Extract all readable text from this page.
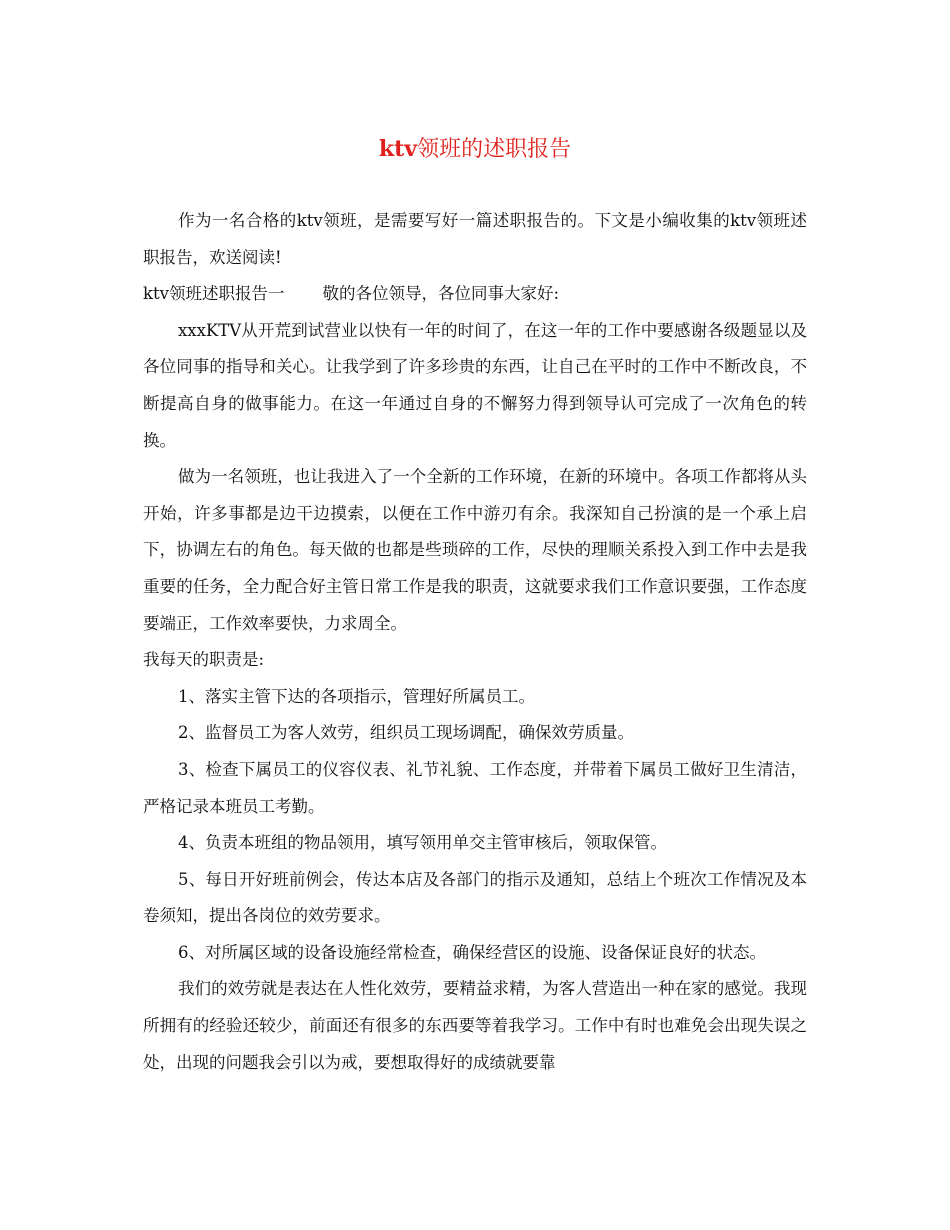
ktv领班的述职报告

作为一名合格的ktv领班，是需要写好一篇述职报告的。下文是小编收集的ktv领班述职报告，欢送阅读!

ktv领班述职报告一 敬的各位领导，各位同事大家好:

xxxKTV从开荒到试营业以快有一年的时间了，在这一年的工作中要感谢各级题显以及各位同事的指导和关心。让我学到了许多珍贵的东西，让自己在平时的工作中不断改良，不断提高自身的做事能力。在这一年通过自身的不懈努力得到领导认可完成了一次角色的转换。

做为一名领班，也让我进入了一个全新的工作环境，在新的环境中。各项工作都将从头开始，许多事都是边干边摸索，以便在工作中游刃有余。我深知自己扮演的是一个承上启下，协调左右的角色。每天做的也都是些琐碎的工作，尽快的理顺关系投入到工作中去是我重要的任务，全力配合好主管日常工作是我的职责，这就要求我们工作意识要强，工作态度要端正，工作效率要快，力求周全。

我每天的职责是:

1、落实主管下达的各项指示，管理好所属员工。

2、监督员工为客人效劳，组织员工现场调配，确保效劳质量。

3、检查下属员工的仪容仪表、礼节礼貌、工作态度，并带着下属员工做好卫生清洁，严格记录本班员工考勤。

4、负责本班组的物品领用，填写领用单交主管审核后，领取保管。

5、每日开好班前例会，传达本店及各部门的指示及通知，总结上个班次工作情况及本卷须知，提出各岗位的效劳要求。

6、对所属区域的设备设施经常检查，确保经营区的设施、设备保证良好的状态。

我们的效劳就是表达在人性化效劳，要精益求精，为客人营造出一种在家的感觉。我现所拥有的经验还较少，前面还有很多的东西要等着我学习。工作中有时也难免会出现失误之处，出现的问题我会引以为戒，要想取得好的成绩就要靠
